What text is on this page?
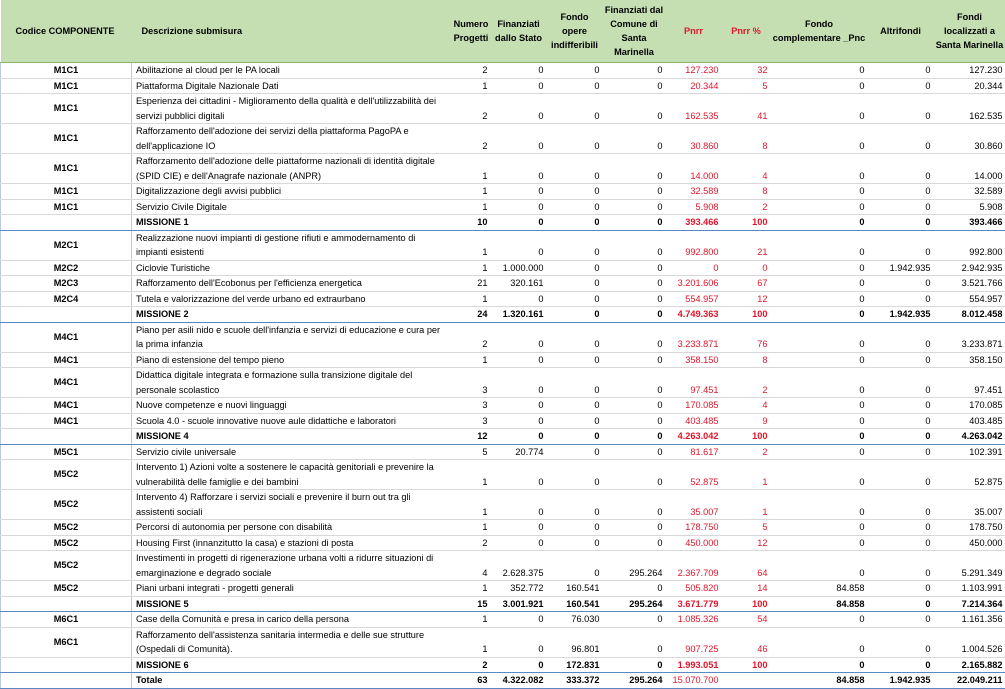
Codice COMPONENTE	Descrizione submisura	Numero Progetti	Finanziati dallo Stato	Fondo opere indifferibili	Finanziati dal Comune di Santa Marinella	Pnrr	Pnrr %	Fondo complementare _Pnc	Altrifondi	Fondi localizzati a Santa Marinella
M1C1	Abilitazione al cloud per le PA locali	2	0	0	0	127.230	32	0	0	127.230
M1C1	Piattaforma Digitale Nazionale Dati	1	0	0	0	20.344	5	0	0	20.344
M1C1	Esperienza dei cittadini - Miglioramento della qualità e dell'utilizzabilità dei servizi pubblici digitali	2	0	0	0	162.535	41	0	0	162.535
M1C1	Rafforzamento dell'adozione dei servizi della piattaforma PagoPA e dell'applicazione IO	2	0	0	0	30.860	8	0	0	30.860
M1C1	Rafforzamento dell'adozione delle piattaforme nazionali di identità digitale (SPID CIE) e dell'Anagrafe nazionale (ANPR)	1	0	0	0	14.000	4	0	0	14.000
M1C1	Digitalizzazione degli avvisi pubblici	1	0	0	0	32.589	8	0	0	32.589
M1C1	Servizio Civile Digitale	1	0	0	0	5.908	2	0	0	5.908
	MISSIONE 1	10	0	0	0	393.466	100	0	0	393.466
M2C1	Realizzazione nuovi impianti di gestione rifiuti e ammodernamento di impianti esistenti	1	0	0	0	992.800	21	0	0	992.800
M2C2	Ciclovie Turistiche	1	1.000.000	0	0	0	0	0	1.942.935	2.942.935
M2C3	Rafforzamento dell'Ecobonus per l'efficienza energetica	21	320.161	0	0	3.201.606	67	0	0	3.521.766
M2C4	Tutela e valorizzazione del verde urbano ed extraurbano	1	0	0	0	554.957	12	0	0	554.957
	MISSIONE 2	24	1.320.161	0	0	4.749.363	100	0	1.942.935	8.012.458
M4C1	Piano per asili nido e scuole dell'infanzia e servizi di educazione e cura per la prima infanzia	2	0	0	0	3.233.871	76	0	0	3.233.871
M4C1	Piano di estensione del tempo pieno	1	0	0	0	358.150	8	0	0	358.150
M4C1	Didattica digitale integrata e formazione sulla transizione digitale del personale scolastico	3	0	0	0	97.451	2	0	0	97.451
M4C1	Nuove competenze e nuovi linguaggi	3	0	0	0	170.085	4	0	0	170.085
M4C1	Scuola 4.0 - scuole innovative nuove aule didattiche e laboratori	3	0	0	0	403.485	9	0	0	403.485
	MISSIONE 4	12	0	0	0	4.263.042	100	0	0	4.263.042
M5C1	Servizio civile universale	5	20.774	0	0	81.617	2	0	0	102.391
M5C2	Intervento 1) Azioni volte a sostenere le capacità genitoriali e prevenire la vulnerabilità delle famiglie e dei bambini	1	0	0	0	52.875	1	0	0	52.875
M5C2	Intervento 4) Rafforzare i servizi sociali e prevenire il burn out tra gli assistenti sociali	1	0	0	0	35.007	1	0	0	35.007
M5C2	Percorsi di autonomia per persone con disabilità	1	0	0	0	178.750	5	0	0	178.750
M5C2	Housing First (innanzitutto la casa) e stazioni di posta	2	0	0	0	450.000	12	0	0	450.000
M5C2	Investimenti in progetti di rigenerazione urbana volti a ridurre situazioni di emarginazione e degrado sociale	4	2.628.375	0	295.264	2.367.709	64	0	0	5.291.349
M5C2	Piani urbani integrati - progetti generali	1	352.772	160.541	0	505.820	14	84.858	0	1.103.991
	MISSIONE 5	15	3.001.921	160.541	295.264	3.671.779	100	84.858	0	7.214.364
M6C1	Case della Comunità e presa in carico della persona	1	0	76.030	0	1.085.326	54	0	0	1.161.356
M6C1	Rafforzamento dell'assistenza sanitaria intermedia e delle sue strutture (Ospedali di Comunità).	1	0	96.801	0	907.725	46	0	0	1.004.526
	MISSIONE 6	2	0	172.831	0	1.993.051	100	0	0	2.165.882
	Totale	63	4.322.082	333.372	295.264	15.070.700		84.858	1.942.935	22.049.211
